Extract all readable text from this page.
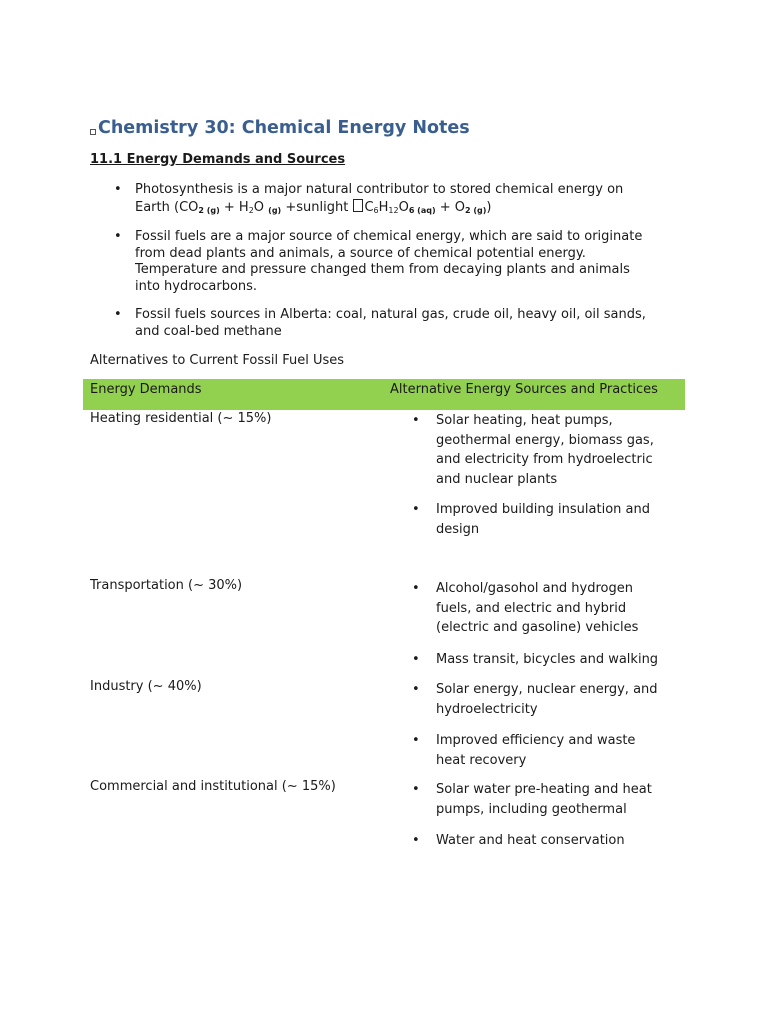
Chemistry 30: Chemical Energy Notes
11.1 Energy Demands and Sources
•	Photosynthesis is a major natural contributor to stored chemical energy on
Earth (CO2 $(g) + H_2O$ (g) +sunlight $C_6H_{12}O6$ (aq) + O2 (g))
•	Fossil fuels are a major source of chemical energy, which are said to originate
from dead plants and animals, a source of chemical potential energy.
Temperature and pressure changed them from decaying plants and animals
into hydrocarbons.
•	Fossil fuels sources in Alberta: coal, natural gas, crude oil, heavy oil, oil sands,
and coal-bed methane

Alternatives to Current Fossil Fuel Uses

Energy Demands	Alternative Energy Sources and Practices
Heating residential (~ 15%)	•	Solar heating, heat pumps,
geothermal energy, biomass gas,
and electricity from hydroelectric
and nuclear plants
•	Improved building insulation and
design
Transportation (~ 30%)	•	Alcohol/gasohol and hydrogen
fuels, and electric and hybrid
(electric and gasoline) vehicles
•	Mass transit, bicycles and walking
Industry (~ 40%)	•	Solar energy, nuclear energy, and
hydroelectricity
•	Improved efficiency and waste
heat recovery
Commercial and institutional (~ 15%)	•	Solar water pre-heating and heat
pumps, including geothermal
•	Water and heat conservation
